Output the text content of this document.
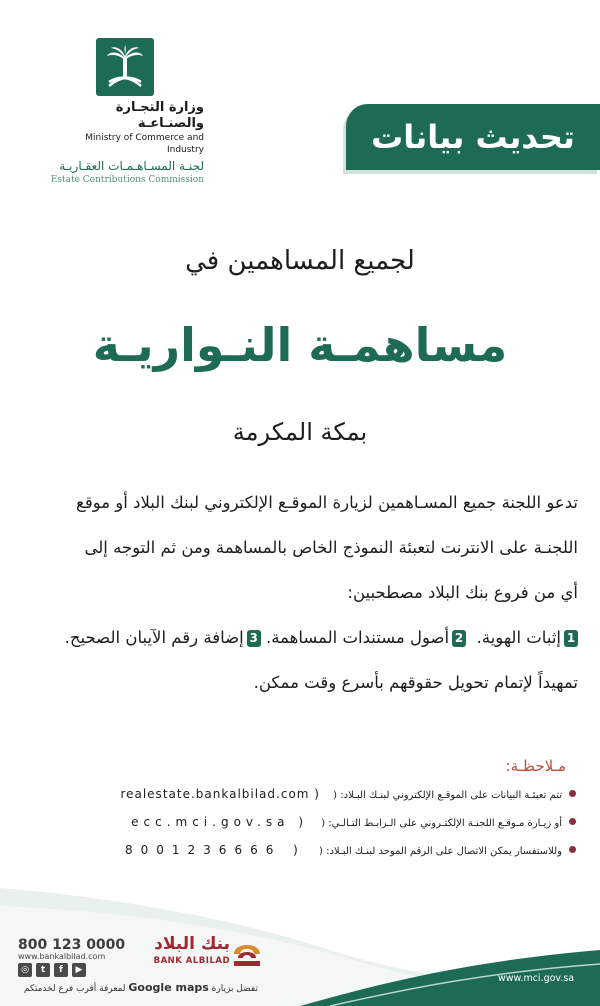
وزارة التجـارة والصنـاعـة
Ministry of Commerce and Industry
لجنـة المسـاهـمـات العقـاريـة
Estate Contributions Commission
تحديث بيانات
لجميع المساهمين في
مساهمـة النـواريـة
بمكة المكرمة
تدعو اللجنة جميع المسـاهمين لزيارة الموقـع الإلكتروني لبنك البلاد أو موقع
اللجنـة على الانترنت لتعبئة النموذج الخاص بالمساهمة ومن ثم التوجه إلى
أي من فروع بنك البلاد مصطحبين:
1إثبات الهوية.  2أصول مستندات المساهمة. 3إضافة رقم الآيبان الصحيح.
تمهيداً لإتمام تحويل حقوقهم بأسرع وقت ممكن.
مـلاحظـة:
تتم تعبئـة البيانات على الموقـع الإلكتروني لبنـك البـلاد: ( realestate.bankalbilad.com )
أو زيـارة مـوقـع اللجنـة الإلكتـروني على الـرابـط التـالـي: ( ecc.mci.gov.sa )
وللاستفسار يمكن الاتصال على الرقم الموحد لبنـك البـلاد: ( 8001236666 )
800 123 0000
www.bankalbilad.com
◎	t	f	▶
بنك البلاد
BANK ALBILAD
تفضل بزيارة Google maps لمعرفة أقرب فرع لخدمتكم
www.mci.gov.sa
